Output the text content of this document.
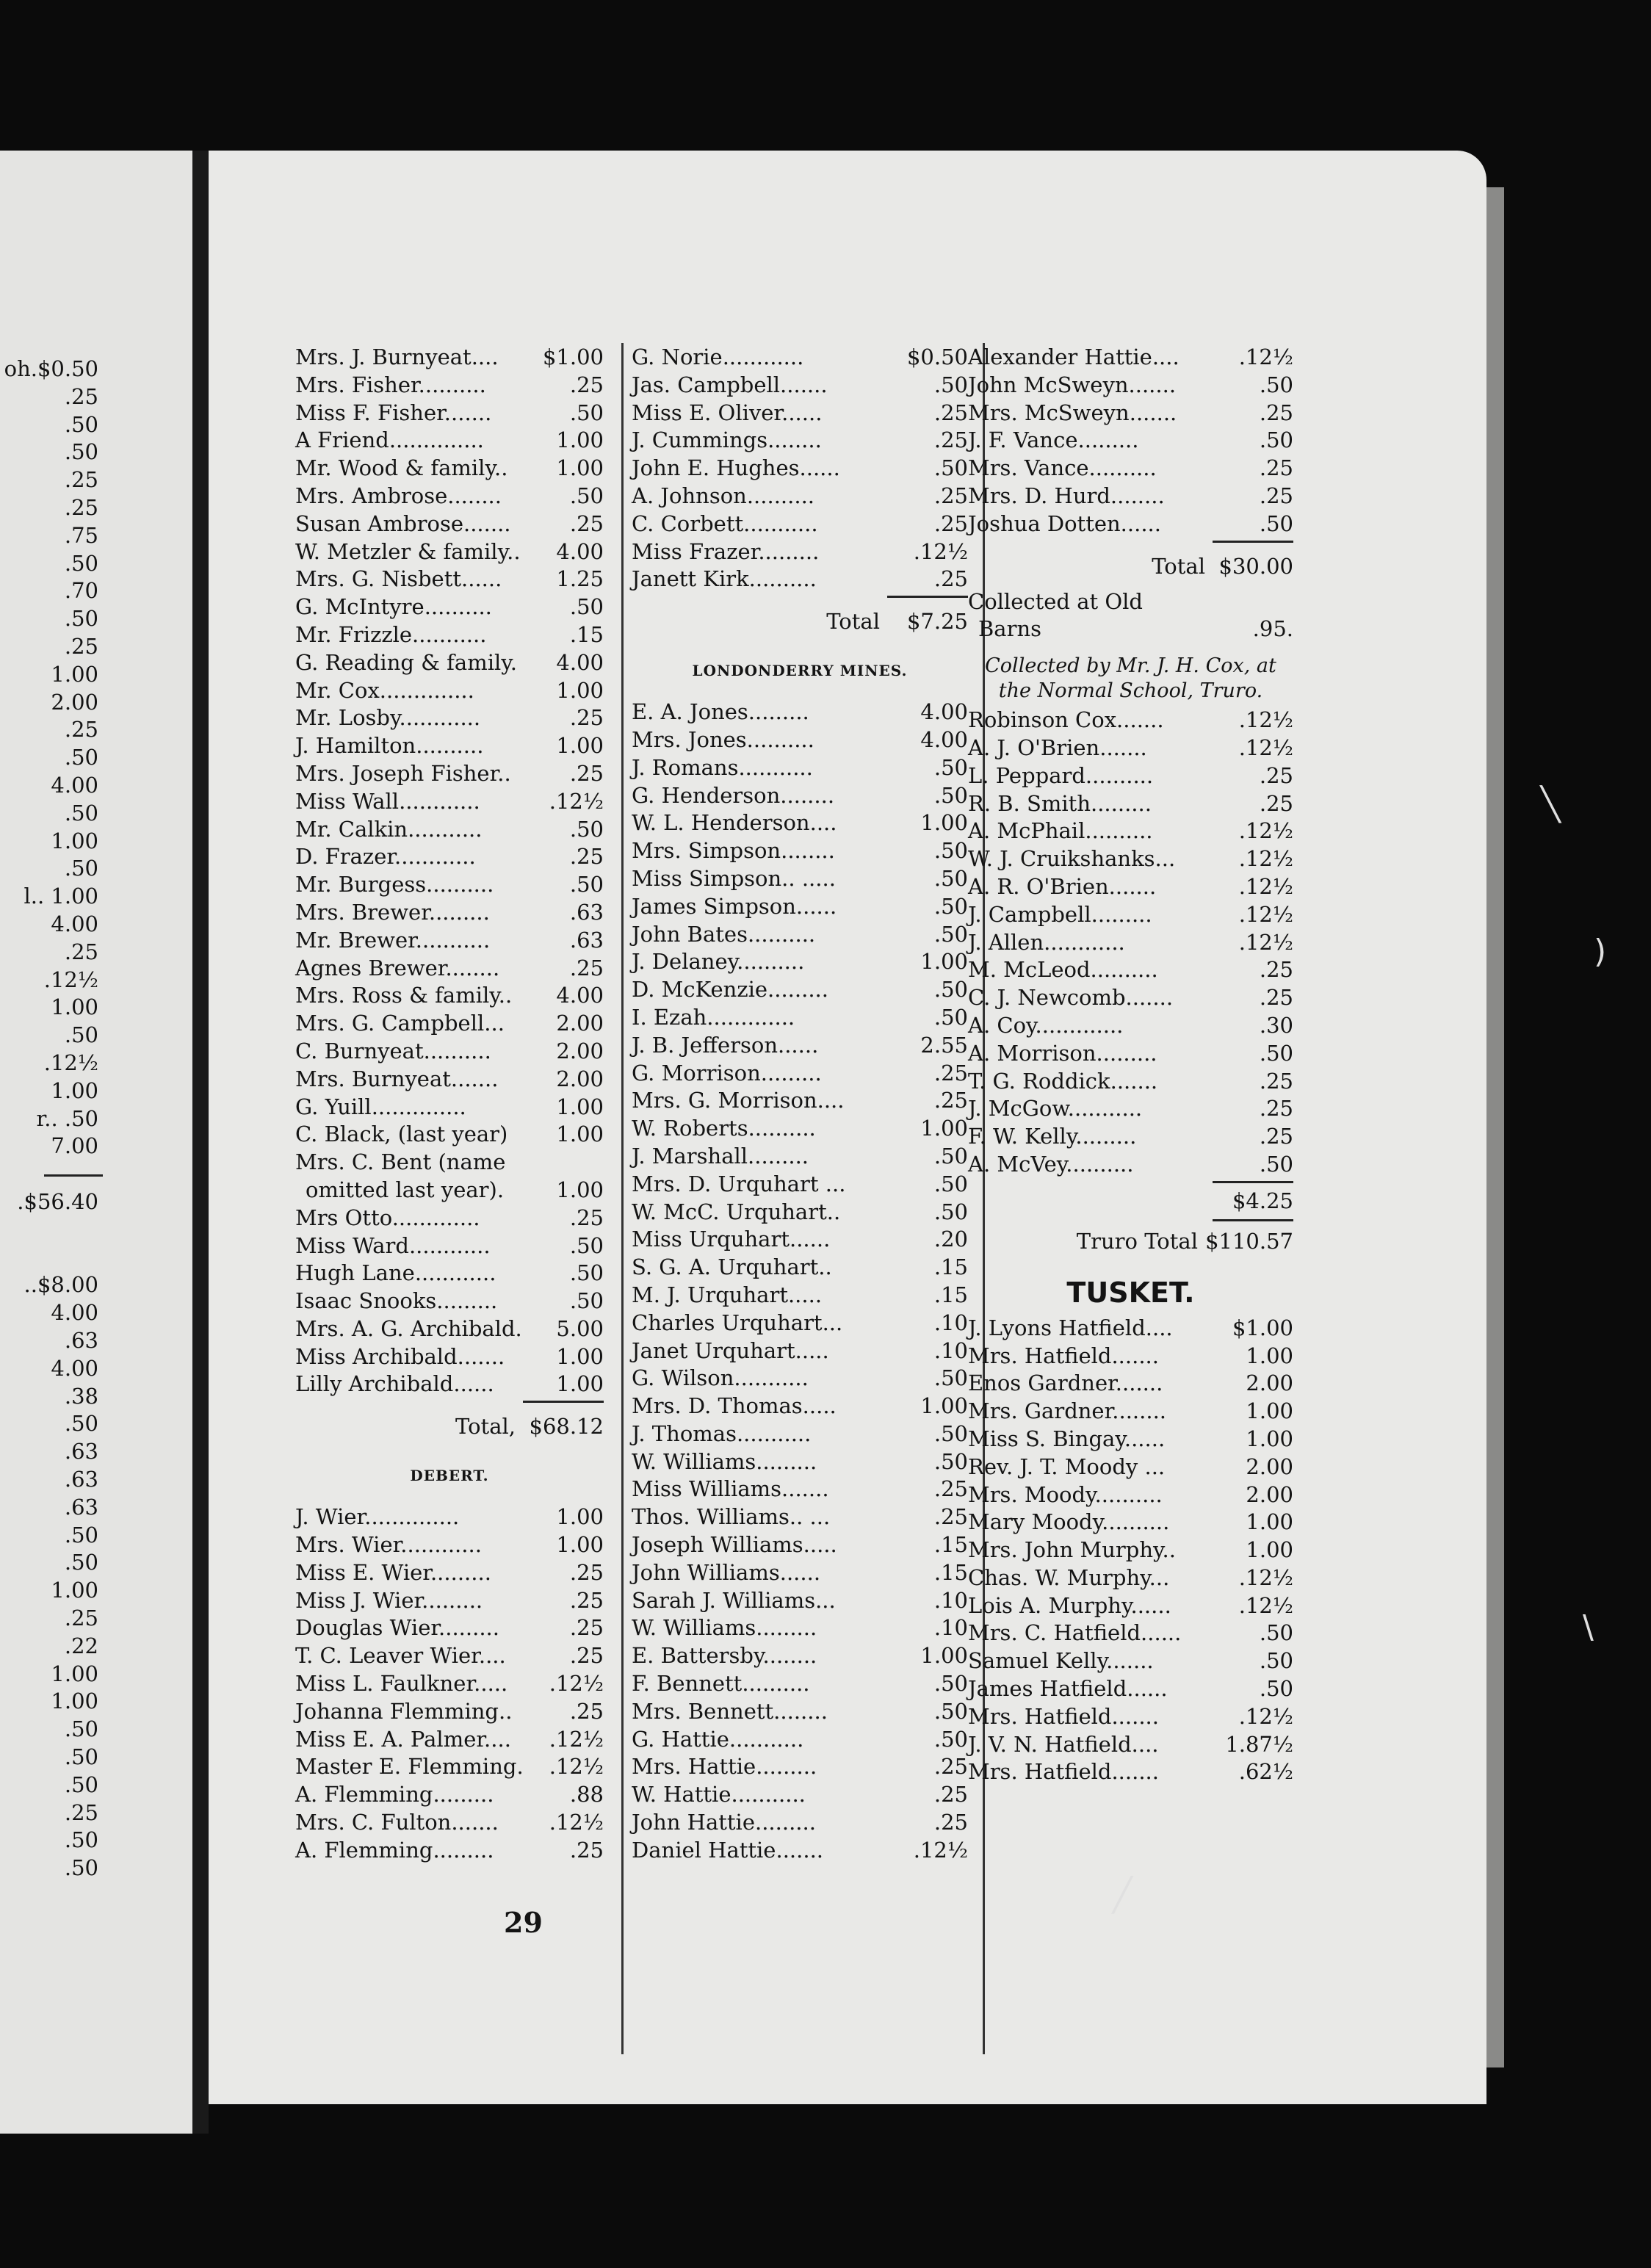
oh.$0.50
.25
.50
.50
.25
.25
.75
.50
.70
.50
.25
1.00
2.00
.25
.50
4.00
.50
1.00
.50
l.. 1.00
4.00
.25
.12½
1.00
.50
.12½
1.00
r.. .50
7.00
.$56.40
..$8.00
4.00
.63
4.00
.38
.50
.63
.63
.63
.50
.50
1.00
.25
.22
1.00
1.00
.50
.50
.50
.25
.50
.50
Mrs. J. Burnyeat.... $1.00
Mrs. Fisher..........	.25
Miss F. Fisher.......	.50
A Friend..............	1.00
Mr. Wood & family.. 1.00
Mrs. Ambrose........	.50
Susan Ambrose.......	.25
W. Metzler & family.. 4.00
Mrs. G. Nisbett......	1.25
G. McIntyre..........	.50
Mr. Frizzle...........	.15
G. Reading & family. 4.00
Mr. Cox..............	1.00
Mr. Losby............	.25
J. Hamilton..........	1.00
Mrs. Joseph Fisher..	.25
Miss Wall............	.12½
Mr. Calkin...........	.50
D. Frazer............	.25
Mr. Burgess..........	.50
Mrs. Brewer.........	.63
Mr. Brewer...........	.63
Agnes Brewer........	.25
Mrs. Ross & family.. 4.00
Mrs. G. Campbell... 2.00
C. Burnyeat..........	2.00
Mrs. Burnyeat.......	2.00
G. Yuill..............	1.00
C. Black, (last year) 1.00
Mrs. C. Bent (name
omitted last year). 1.00
Mrs Otto.............	.25
Miss Ward............	.50
Hugh Lane............	.50
Isaac Snooks.........	.50
Mrs. A. G. Archibald. 5.00
Miss Archibald....... 1.00
Lilly Archibald......	1.00
Total, $68.12
DEBERT.
J. Wier..............	1.00
Mrs. Wier............	1.00
Miss E. Wier.........	.25
Miss J. Wier.........	.25
Douglas Wier.........	.25
T. C. Leaver Wier....	.25
Miss L. Faulkner..... .12½
Johanna Flemming..	.25
Miss E. A. Palmer.... .12½
Master E. Flemming. .12½
A. Flemming.........	.88
Mrs. C. Fulton....... .12½
A. Flemming.........	.25
G. Norie............	$0.50
Jas. Campbell.......	.50
Miss E. Oliver......	.25
J. Cummings........	.25
John E. Hughes......	.50
A. Johnson..........	.25
C. Corbett...........	.25
Miss Frazer.........	.12½
Janett Kirk..........	.25
Total $7.25
LONDONDERRY MINES.
E. A. Jones.........	4.00
Mrs. Jones..........	4.00
J. Romans...........	.50
G. Henderson........	.50
W. L. Henderson....	1.00
Mrs. Simpson........	.50
Miss Simpson.. .....	.50
James Simpson......	.50
John Bates..........	.50
J. Delaney..........	1.00
D. McKenzie.........	.50
I. Ezah.............	.50
J. B. Jefferson......	2.55
G. Morrison.........	.25
Mrs. G. Morrison....	.25
W. Roberts..........	1.00
J. Marshall.........	.50
Mrs. D. Urquhart ...	.50
W. McC. Urquhart..	.50
Miss Urquhart......	.20
S. G. A. Urquhart..	.15
M. J. Urquhart.....	.15
Charles Urquhart...	.10
Janet Urquhart.....	.10
G. Wilson...........	.50
Mrs. D. Thomas.....	1.00
J. Thomas...........	.50
W. Williams.........	.50
Miss Williams.......	.25
Thos. Williams.. ...	.25
Joseph Williams.....	.15
John Williams......	.15
Sarah J. Williams...	.10
W. Williams.........	.10
E. Battersby........	1.00
F. Bennett..........	.50
Mrs. Bennett........	.50
G. Hattie...........	.50
Mrs. Hattie.........	.25
W. Hattie...........	.25
John Hattie.........	.25
Daniel Hattie.......	.12½
Alexander Hattie....	.12½
John McSweyn.......	.50
Mrs. McSweyn.......	.25
J. F. Vance.........	.50
Mrs. Vance..........	.25
Mrs. D. Hurd........	.25
Joshua Dotten......	.50
Total $30.00
Collected at Old
Barns	.95.
Collected by Mr. J. H. Cox, at the Normal School, Truro.
Robinson Cox.......	.12½
A. J. O'Brien.......	.12½
L. Peppard..........	.25
R. B. Smith.........	.25
A. McPhail..........	.12½
W. J. Cruikshanks...	.12½
A. R. O'Brien.......	.12½
J. Campbell.........	.12½
J. Allen............	.12½
M. McLeod..........	.25
C. J. Newcomb.......	.25
A. Coy.............	.30
A. Morrison.........	.50
T. G. Roddick.......	.25
J. McGow...........	.25
F. W. Kelly.........	.25
A. McVey..........	.50
$4.25
Truro Total $110.57
TUSKET.
J. Lyons Hatfield....	$1.00
Mrs. Hatfield.......	1.00
Enos Gardner.......	2.00
Mrs. Gardner........	1.00
Miss S. Bingay......	1.00
Rev. J. T. Moody ...	2.00
Mrs. Moody..........	2.00
Mary Moody..........	1.00
Mrs. John Murphy..	1.00
Chas. W. Murphy...	.12½
Lois A. Murphy......	.12½
Mrs. C. Hatfield......	.50
Samuel Kelly.......	.50
James Hatfield......	.50
Mrs. Hatfield.......	.12½
J. V. N. Hatfield....	1.87½
Mrs. Hatfield.......	.62½
29
╲
)
\
╱
